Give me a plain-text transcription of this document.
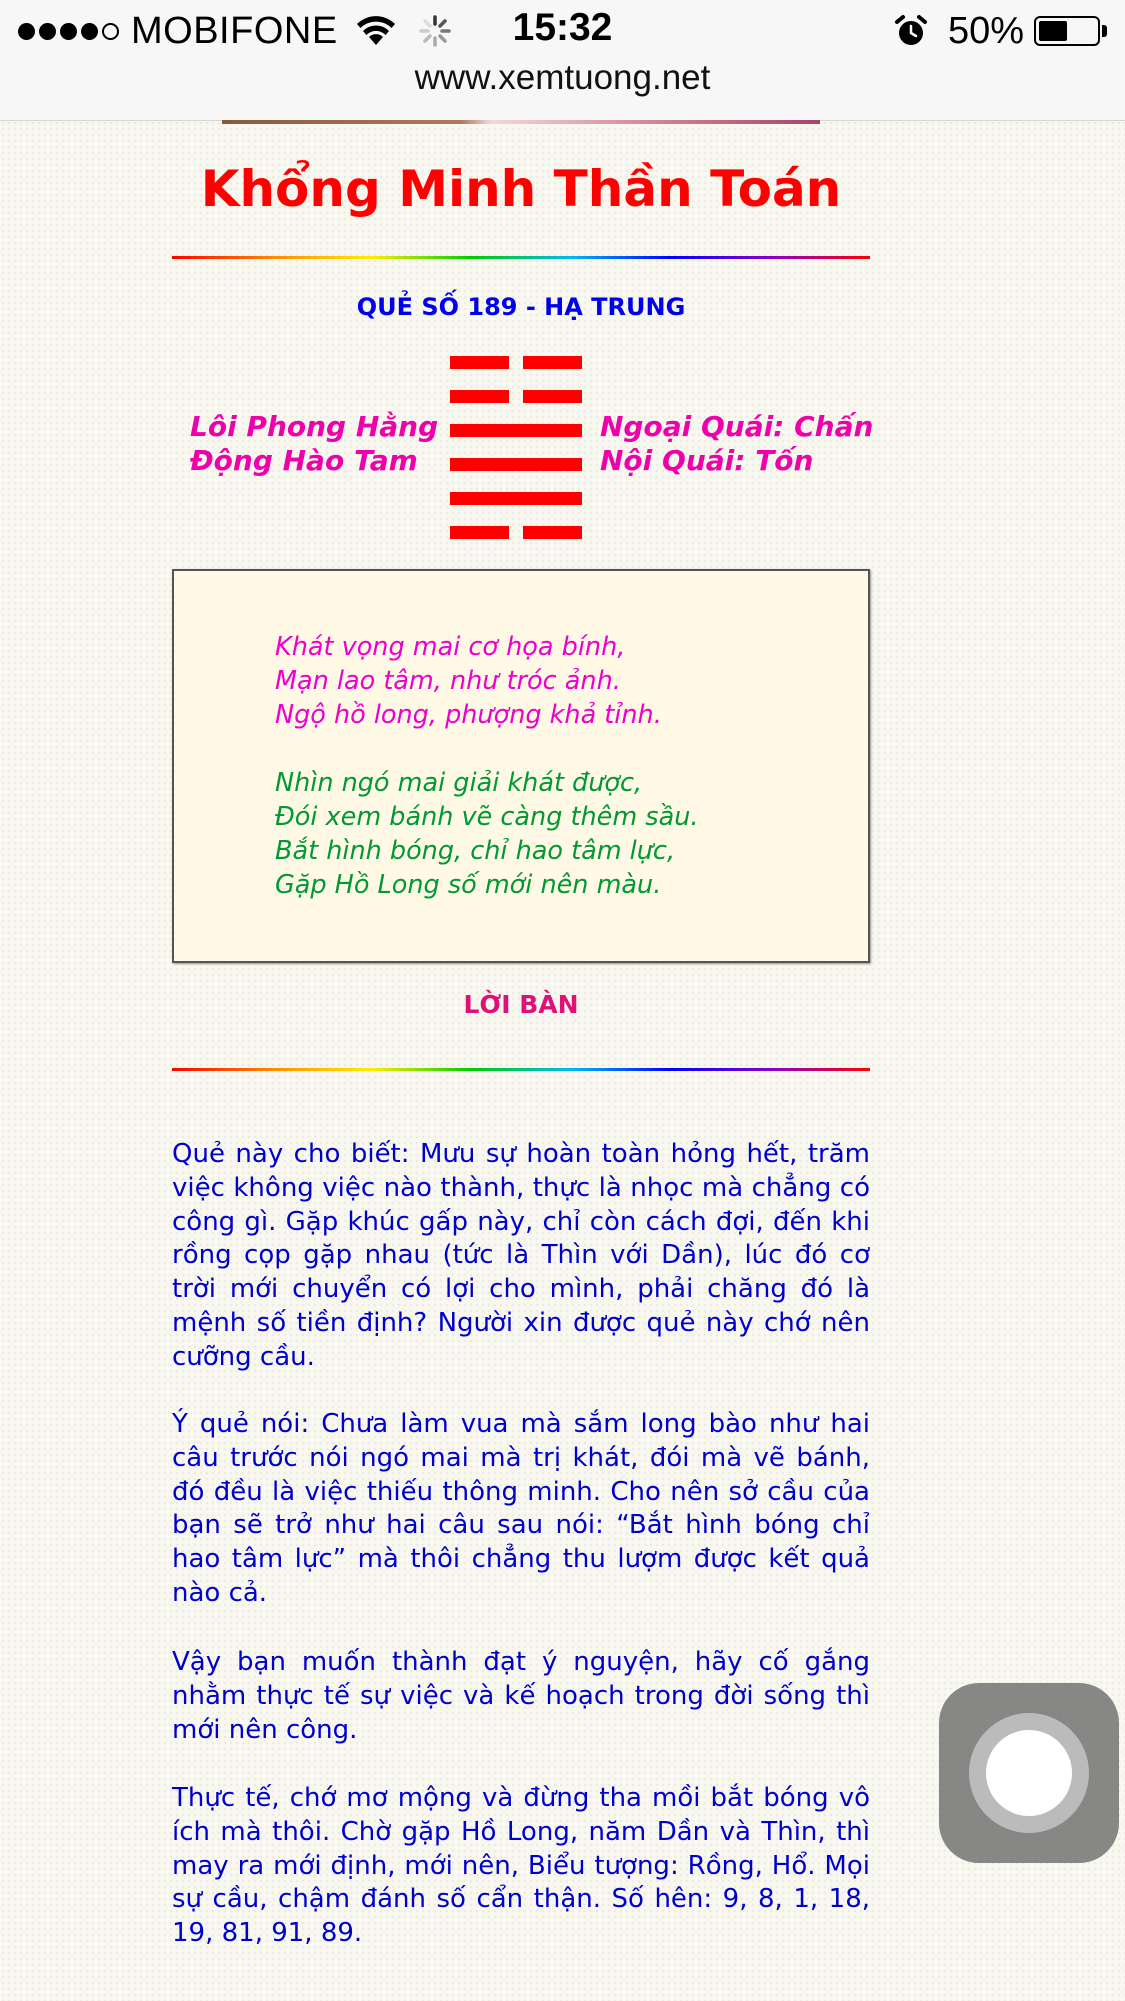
MOBIFONE	15:32	50%
www.xemtuong.net
Khổng Minh Thần Toán
QUẺ SỐ 189 - HẠ TRUNG
Lôi Phong Hằng
Động Hào Tam
Ngoại Quái: Chấn
Nội Quái: Tốn
Khát vọng mai cơ họa bính,
Mạn lao tâm, như tróc ảnh.
Ngộ hồ long, phượng khả tỉnh.
Nhìn ngó mai giải khát được,
Đói xem bánh vẽ càng thêm sầu.
Bắt hình bóng, chỉ hao tâm lực,
Gặp Hồ Long số mới nên màu.
LỜI BÀN

Quẻ này cho biết: Mưu sự hoàn toàn hỏng hết, trăm việc không việc nào thành, thực là nhọc mà chẳng có công gì. Gặp khúc gấp này, chỉ còn cách đợi, đến khi rồng cọp gặp nhau (tức là Thìn với Dần), lúc đó cơ trời mới chuyển có lợi cho mình, phải chăng đó là mệnh số tiền định? Người xin được quẻ này chớ nên cưỡng cầu.

Ý quẻ nói: Chưa làm vua mà sắm long bào như hai câu trước nói ngó mai mà trị khát, đói mà vẽ bánh, đó đều là việc thiếu thông minh. Cho nên sở cầu của bạn sẽ trở như hai câu sau nói: “Bắt hình bóng chỉ hao tâm lực” mà thôi chẳng thu lượm được kết quả nào cả.

Vậy bạn muốn thành đạt ý nguyện, hãy cố gắng nhằm thực tế sự việc và kế hoạch trong đời sống thì mới nên công.

Thực tế, chớ mơ mộng và đừng tha mồi bắt bóng vô ích mà thôi. Chờ gặp Hồ Long, năm Dần và Thìn, thì may ra mới định, mới nên, Biểu tượng: Rồng, Hổ. Mọi sự cầu, chậm đánh số cẩn thận. Số hên: 9, 8, 1, 18, 19, 81, 91, 89.
